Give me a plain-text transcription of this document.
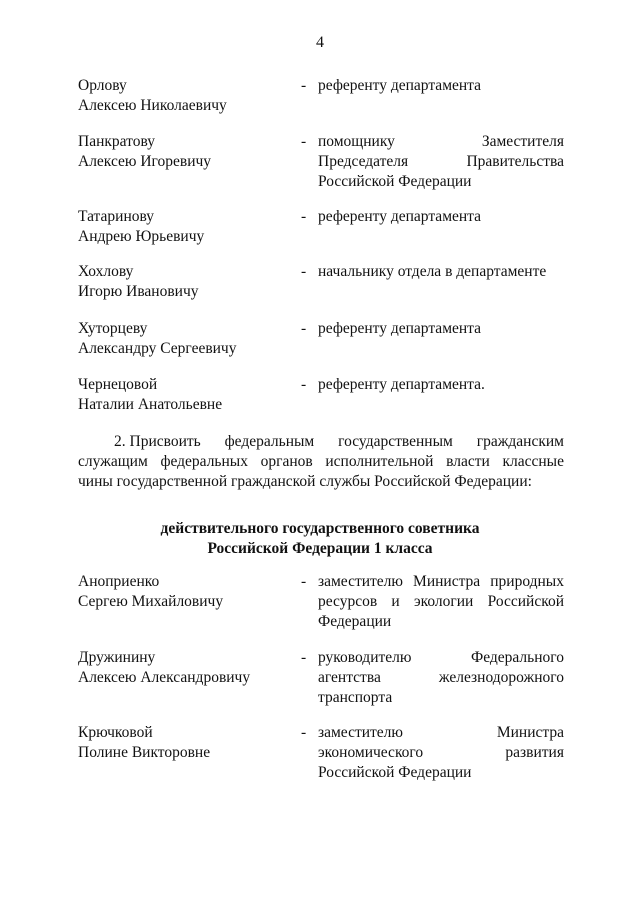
4
Орлову
Алексею Николаевичу
- референту департамента
Панкратову
Алексею Игоревичу
- помощнику	Заместителя
Председателя	Правительства
Российской Федерации
Татаринову
Андрею Юрьевичу
- референту департамента
Хохлову
Игорю Ивановичу
- начальнику отдела в департаменте
Хуторцеву
Александру Сергеевичу
- референту департамента
Чернецовой
Наталии Анатольевне
- референту департамента.
2. Присвоить федеральным государственным гражданским
служащим федеральных органов исполнительной власти классные
чины государственной гражданской службы Российской Федерации:
действительного государственного советника
Российской Федерации 1 класса
Аноприенко
Сергею Михайловичу
- заместителю Министра природных
ресурсов и экологии Российской
Федерации
Дружинину
Алексею Александровичу
- руководителю	Федерального
агентства	железнодорожного
транспорта
Крючковой
Полине Викторовне
- заместителю	Министра
экономического	развития
Российской Федерации
